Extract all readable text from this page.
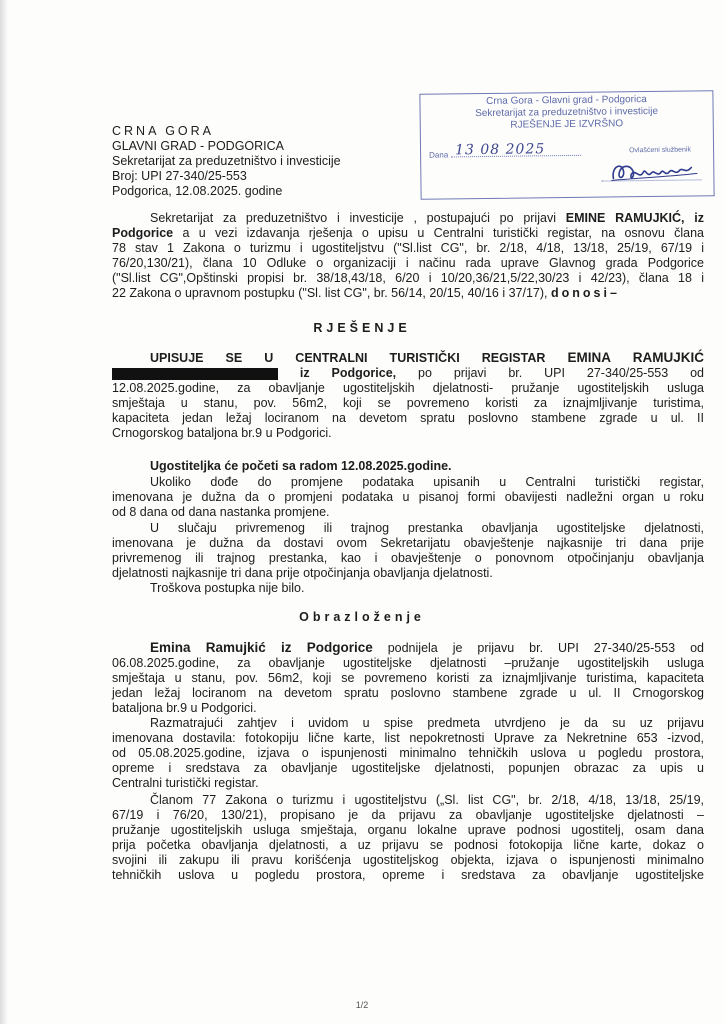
Crna Gora - Glavni grad - Podgorica
Sekretarijat za preduzetništvo i investicije
RJEŠENJE JE IZVRŠNO
Dana 13 08 2025	Ovlašćeni službenik
CRNA GORA
GLAVNI GRAD - PODGORICA
Sekretarijat za preduzetništvo i investicije
Broj: UPI 27-340/25-553
Podgorica, 12.08.2025. godine
Sekretarijat za preduzetništvo i investicije , postupajući po prijavi EMINE RAMUJKIĆ, iz
Podgorice a u vezi izdavanja rješenja o upisu u Centralni turistički registar, na osnovu člana
78 stav 1 Zakona o turizmu i ugostiteljstvu ("Sl.list CG", br. 2/18, 4/18, 13/18, 25/19, 67/19 i
76/20,130/21), člana 10 Odluke o organizaciji i načinu rada uprave Glavnog grada Podgorice
("Sl.list CG",Opštinski propisi br. 38/18,43/18, 6/20 i 10/20,36/21,5/22,30/23 i 42/23), člana 18 i
22 Zakona o upravnom postupku ("Sl. list CG", br. 56/14, 20/15, 40/16 i 37/17), donosi–
RJEŠENJE
UPISUJE SE U CENTRALNI TURISTIČKI REGISTAR EMINA RAMUJKIĆ
iz Podgorice, po prijavi br. UPI 27-340/25-553 od
12.08.2025.godine, za obavljanje ugostiteljskih djelatnosti- pružanje ugostiteljskih usluga
smještaja u stanu, pov. 56m2, koji se povremeno koristi za iznajmljivanje turistima,
kapaciteta jedan ležaj lociranom na devetom spratu poslovno stambene zgrade u ul. II
Crnogorskog bataljona br.9 u Podgorici.
Ugostiteljka će početi sa radom 12.08.2025.godine.
Ukoliko dođe do promjene podataka upisanih u Centralni turistički registar,
imenovana je dužna da o promjeni podataka u pisanoj formi obavijesti nadležni organ u roku
od 8 dana od dana nastanka promjene.
U slučaju privremenog ili trajnog prestanka obavljanja ugostiteljske djelatnosti,
imenovana je dužna da dostavi ovom Sekretarijatu obavještenje najkasnije tri dana prije
privremenog ili trajnog prestanka, kao i obavještenje o ponovnom otpočinjanju obavljanja
djelatnosti najkasnije tri dana prije otpočinjanja obavljanja djelatnosti.
Troškova postupka nije bilo.
Obrazloženje
Emina Ramujkić iz Podgorice podnijela je prijavu br. UPI 27-340/25-553 od
06.08.2025.godine, za obavljanje ugostiteljske djelatnosti –pružanje ugostiteljskih usluga
smještaja u stanu, pov. 56m2, koji se povremeno koristi za iznajmljivanje turistima, kapaciteta
jedan ležaj lociranom na devetom spratu poslovno stambene zgrade u ul. II Crnogorskog
bataljona br.9 u Podgorici.
Razmatrajući zahtjev i uvidom u spise predmeta utvrdjeno je da su uz prijavu
imenovana dostavila: fotokopiju lične karte, list nepokretnosti Uprave za Nekretnine 653 -izvod,
od 05.08.2025.godine, izjava o ispunjenosti minimalno tehničkih uslova u pogledu prostora,
opreme i sredstava za obavljanje ugostiteljske djelatnosti, popunjen obrazac za upis u
Centralni turistički registar.
Članom 77 Zakona o turizmu i ugostiteljstvu („Sl. list CG", br. 2/18, 4/18, 13/18, 25/19,
67/19 i 76/20, 130/21), propisano je da prijavu za obavljanje ugostiteljske djelatnosti –
pružanje ugostiteljskih usluga smještaja, organu lokalne uprave podnosi ugostitelj, osam dana
prija početka obavljanja djelatnosti, a uz prijavu se podnosi fotokopija lične karte, dokaz o
svojini ili zakupu ili pravu korišćenja ugostiteljskog objekta, izjava o ispunjenosti minimalno
tehničkih uslova u pogledu prostora, opreme i sredstava za obavljanje ugostiteljske
1/2
